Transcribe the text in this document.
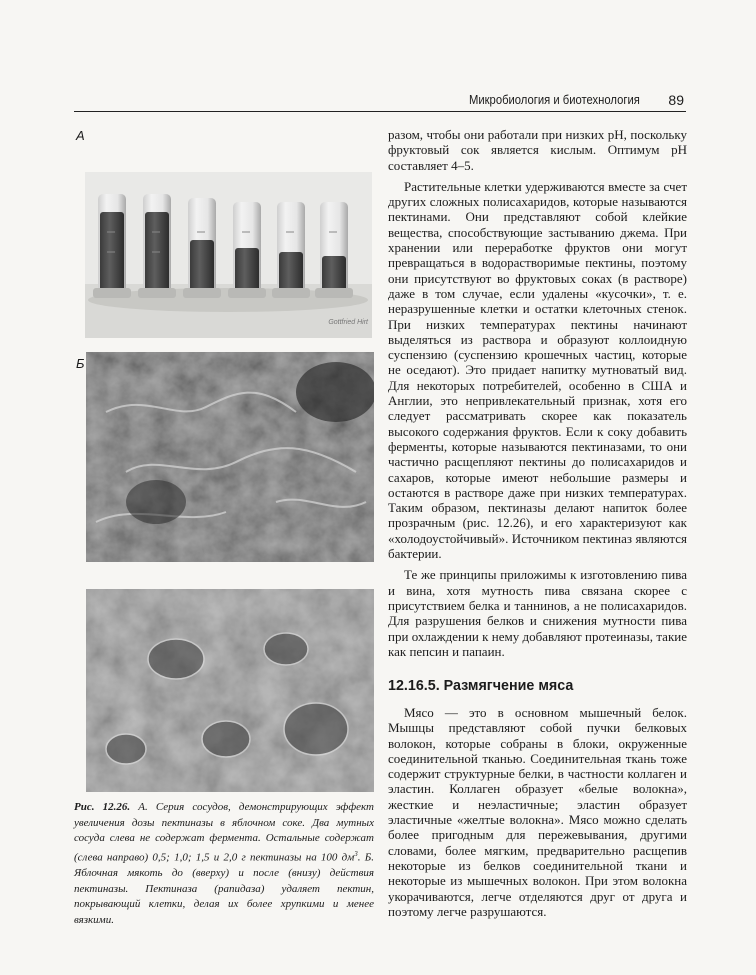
Микробиология и биотехнология 89
А
Б
Gottfried Hirt
Рис. 12.26. А. Серия сосудов, демонстрирующих эффект увеличения дозы пектиназы в яблочном соке. Два мутных сосуда слева не содержат фермента. Остальные содержат (слева направо) 0,5; 1,0; 1,5 и 2,0 г пектиназы на 100 $дм^3$. Б. Яблочная мякоть до (вверху) и после (внизу) действия пектиназы. Пектиназа (рапидаза) удаляет пектин, покрывающий клетки, делая их более хрупкими и менее вязкими.

разом, чтобы они работали при низких pH, поскольку фруктовый сок является кислым. Оптимум pH составляет 4–5.

Растительные клетки удерживаются вместе за счет других сложных полисахаридов, которые называются пектинами. Они представляют собой клейкие вещества, способствующие застыванию джема. При хранении или переработке фруктов они могут превращаться в водорастворимые пектины, поэтому они присутствуют во фруктовых соках (в растворе) даже в том случае, если удалены «кусочки», т. е. неразрушенные клетки и остатки клеточных стенок. При низких температурах пектины начинают выделяться из раствора и образуют коллоидную суспензию (суспензию крошечных частиц, которые не оседают). Это придает напитку мутноватый вид. Для некоторых потребителей, особенно в США и Англии, это непривлекательный признак, хотя его следует рассматривать скорее как показатель высокого содержания фруктов. Если к соку добавить ферменты, которые называются пектиназами, то они частично расщепляют пектины до полисахаридов и сахаров, которые имеют небольшие размеры и остаются в растворе даже при низких температурах. Таким образом, пектиназы делают напиток более прозрачным (рис. 12.26), и его характеризуют как «холодоустойчивый». Источником пектиназ являются бактерии.

Те же принципы приложимы к изготовлению пива и вина, хотя мутность пива связана скорее с присутствием белка и таннинов, а не полисахаридов. Для разрушения белков и снижения мутности пива при охлаждении к нему добавляют протеиназы, такие как пепсин и папаин.

12.16.5. Размягчение мяса

Мясо — это в основном мышечный белок. Мышцы представляют собой пучки белковых волокон, которые собраны в блоки, окруженные соединительной тканью. Соединительная ткань тоже содержит структурные белки, в частности коллаген и эластин. Коллаген образует «белые волокна», жесткие и неэластичные; эластин образует эластичные «желтые волокна». Мясо можно сделать более пригодным для пережевывания, другими словами, более мягким, предварительно расщепив некоторые из белков соединительной ткани и некоторые из мышечных волокон. При этом волокна укорачиваются, легче отделяются друг от друга и поэтому легче разрушаются.
